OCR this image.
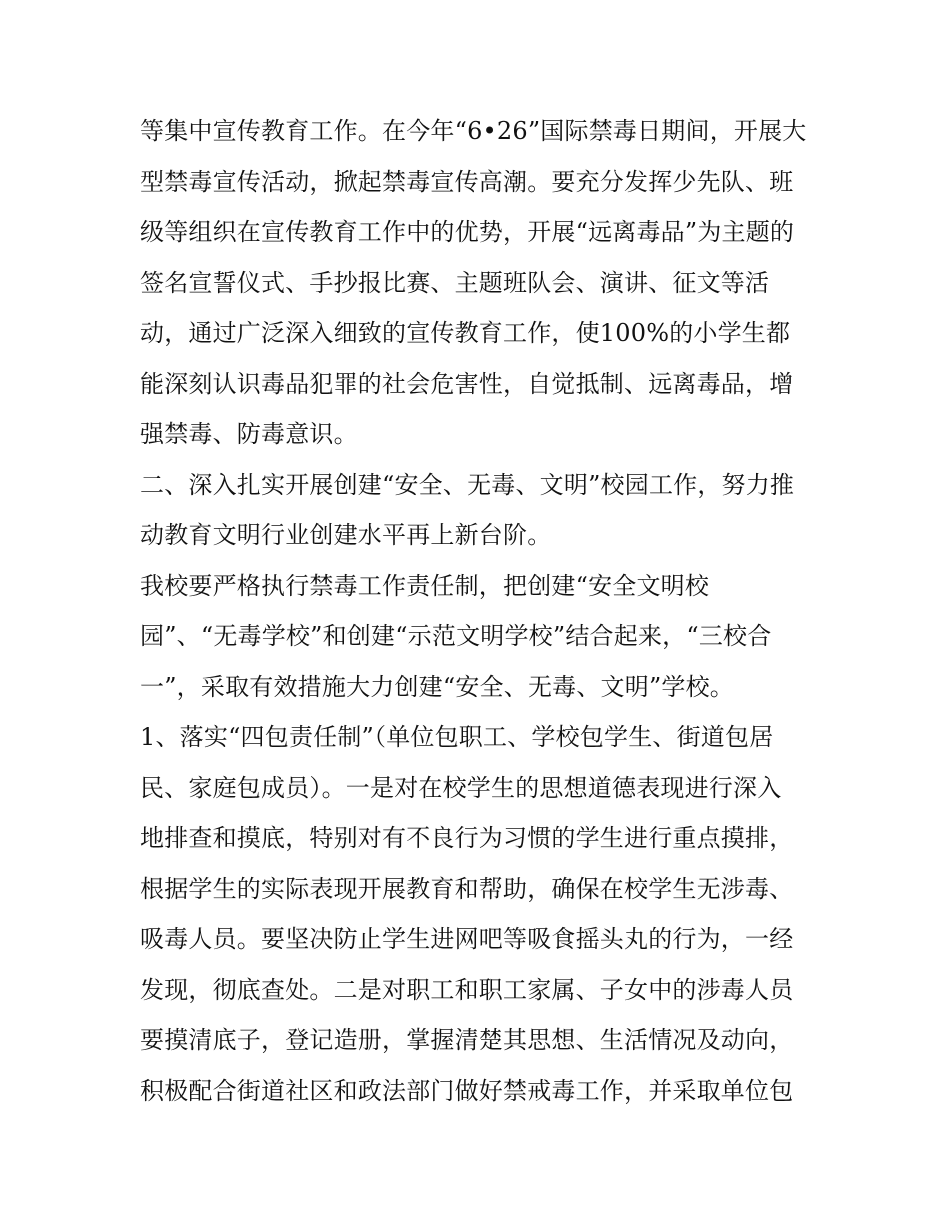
等集中宣传教育工作。在今年“6•26”国际禁毒日期间，开展大
型禁毒宣传活动，掀起禁毒宣传高潮。要充分发挥少先队、班
级等组织在宣传教育工作中的优势，开展“远离毒品”为主题的
签名宣誓仪式、手抄报比赛、主题班队会、演讲、征文等活
动，通过广泛深入细致的宣传教育工作，使100%的小学生都
能深刻认识毒品犯罪的社会危害性，自觉抵制、远离毒品，增
强禁毒、防毒意识。
二、深入扎实开展创建“安全、无毒、文明”校园工作，努力推
动教育文明行业创建水平再上新台阶。
我校要严格执行禁毒工作责任制，把创建“安全文明校
园”、“无毒学校”和创建“示范文明学校”结合起来，“三校合
一”，采取有效措施大力创建“安全、无毒、文明”学校。
1、落实“四包责任制”（单位包职工、学校包学生、街道包居
民、家庭包成员）。一是对在校学生的思想道德表现进行深入
地排查和摸底，特别对有不良行为习惯的学生进行重点摸排，
根据学生的实际表现开展教育和帮助，确保在校学生无涉毒、
吸毒人员。要坚决防止学生进网吧等吸食摇头丸的行为，一经
发现，彻底查处。二是对职工和职工家属、子女中的涉毒人员
要摸清底子，登记造册，掌握清楚其思想、生活情况及动向，
积极配合街道社区和政法部门做好禁戒毒工作，并采取单位包
